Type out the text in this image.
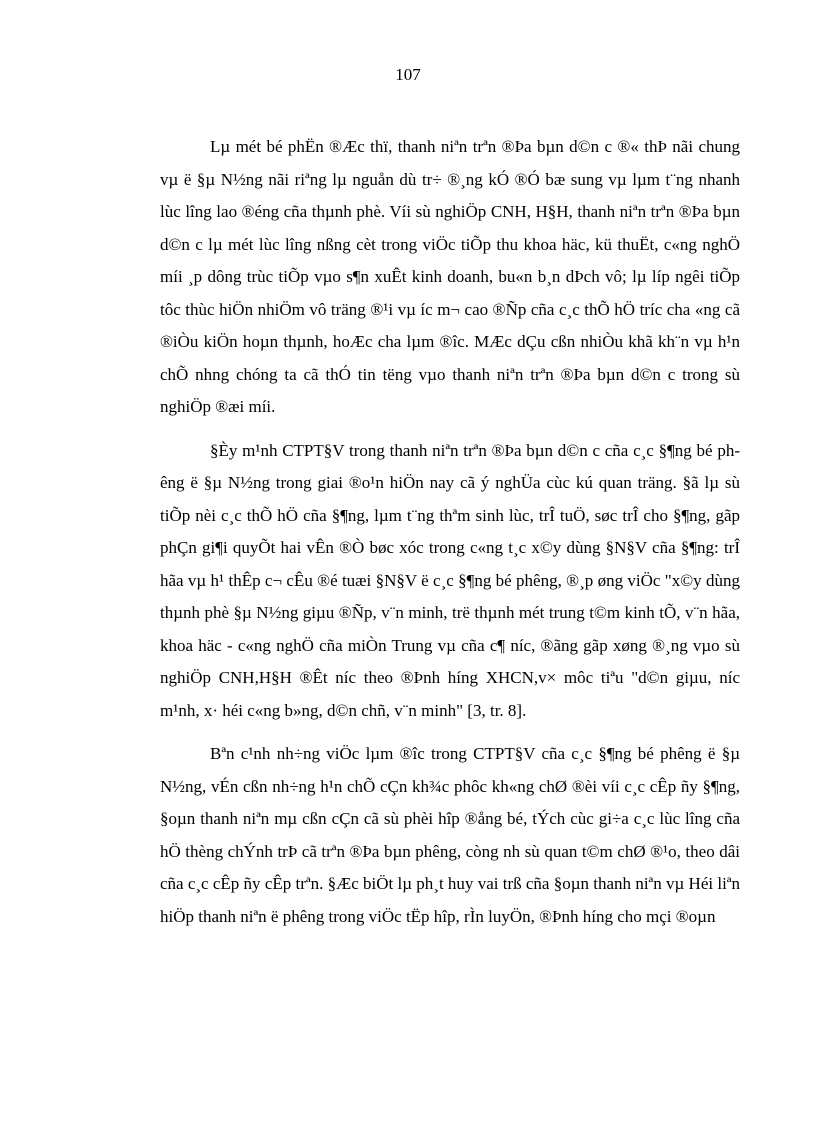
107

Lµ mét bé phËn ®Æc thï, thanh niªn trªn ®Þa bµn d©n c ®« thÞ nãi chung vµ ë §µ N½ng nãi riªng lµ nguån dù tr÷ ®¸ng kÓ ®Ó bæ sung vµ lµm t¨ng nhanh lùc lîng lao ®éng cña thµnh phè. Víi sù nghiÖp CNH, H§H, thanh niªn trªn ®Þa bµn d©n c lµ mét lùc lîng nßng cèt trong viÖc tiÕp thu khoa häc, kü thuËt, c«ng nghÖ míi ¸p dông trùc tiÕp vµo s¶n xuÊt kinh doanh, bu«n b¸n dÞch vô; lµ líp ngêi tiÕp tôc thùc hiÖn nhiÖm vô träng ®¹i vµ íc m¬ cao ®Ñp cña c¸c thÕ hÖ tríc cha «ng cã ®iÒu kiÖn hoµn thµnh, hoÆc cha lµm ®îc. MÆc dÇu cßn nhiÒu khã kh¨n vµ h¹n chÕ nhng chóng ta cã thÓ tin tëng vµo thanh niªn trªn ®Þa bµn d©n c trong sù nghiÖp ®æi míi.

§Èy m¹nh CTPT§V trong thanh niªn trªn ®Þa bµn d©n c cña c¸c §¶ng bé phêng ë §µ N½ng trong giai ®o¹n hiÖn nay cã ý nghÜa cùc kú quan träng. §ã lµ sù tiÕp nèi c¸c thÕ hÖ cña §¶ng, lµm t¨ng thªm sinh lùc, trÎ tuÖ, søc trÎ cho §¶ng, gãp phÇn gi¶i quyÕt hai vÊn ®Ò bøc xóc trong c«ng t¸c x©y dùng §N§V cña §¶ng: trÎ hãa vµ h¹ thÊp c¬ cÊu ®é tuæi §N§V ë c¸c §¶ng bé phêng, ®¸p øng viÖc "x©y dùng thµnh phè §µ N½ng giµu ®Ñp, v¨n minh, trë thµnh mét trung t©m kinh tÕ, v¨n hãa, khoa häc - c«ng nghÖ cña miÒn Trung vµ cña c¶ níc, ®ãng gãp xøng ®¸ng vµo sù nghiÖp CNH,H§H ®Êt níc theo ®Þnh híng XHCN,v× môc tiªu "d©n giµu, níc m¹nh, x· héi c«ng b»ng, d©n chñ, v¨n minh" [3, tr. 8].

Bªn c¹nh nh÷ng viÖc lµm ®îc trong CTPT§V cña c¸c §¶ng bé phêng ë §µ N½ng, vÉn cßn nh÷ng h¹n chÕ cÇn kh¾c phôc kh«ng chØ ®èi víi c¸c cÊp ñy §¶ng, §oµn thanh niªn mµ cßn cÇn cã sù phèi hîp ®ång bé, tÝch cùc gi÷a c¸c lùc lîng cña hÖ thèng chÝnh trÞ cã trªn ®Þa bµn phêng, còng nh sù quan t©m chØ ®¹o, theo dâi cña c¸c cÊp ñy cÊp trªn. §Æc biÖt lµ ph¸t huy vai trß cña §oµn thanh niªn vµ Héi liªn hiÖp thanh niªn ë phêng trong viÖc tËp hîp, rÌn luyÖn, ®Þnh híng cho mçi ®oµn
